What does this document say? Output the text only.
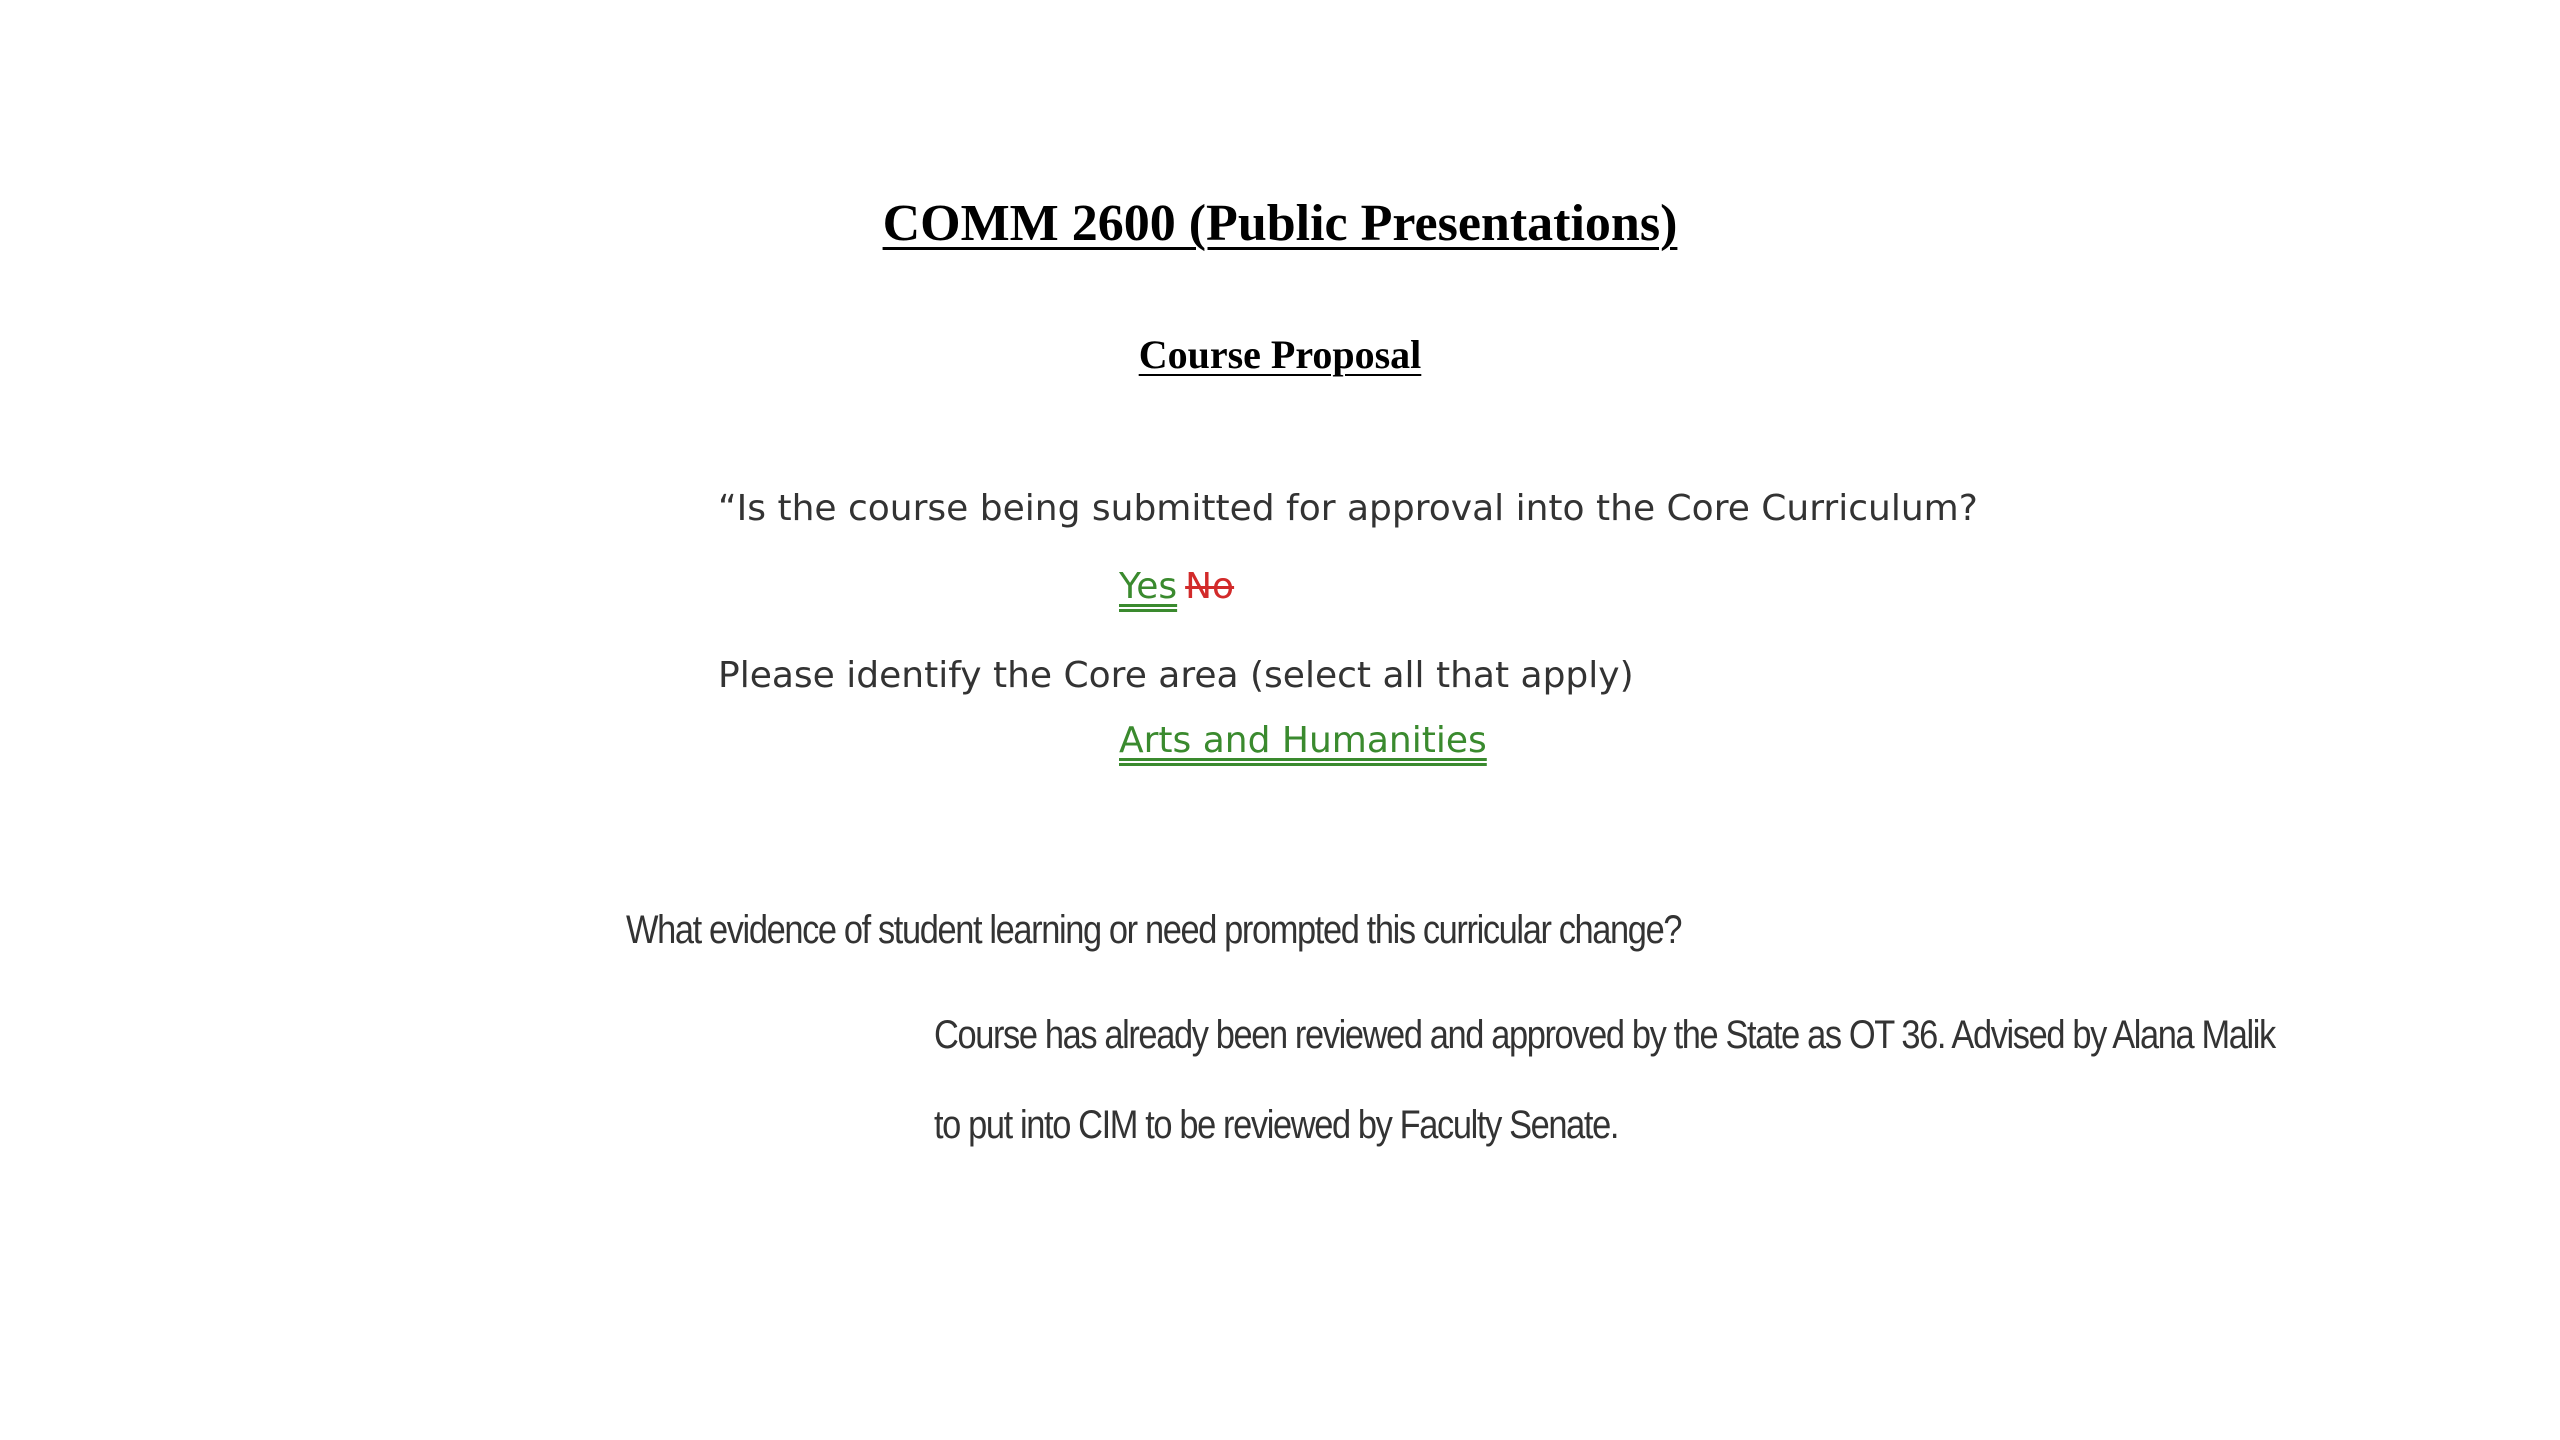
COMM 2600 (Public Presentations)
Course Proposal
“Is the course being submitted for approval into the Core Curriculum?
Yes No
Please identify the Core area (select all that apply)
Arts and Humanities
What evidence of student learning or need prompted this curricular change?
Course has already been reviewed and approved by the State as OT 36. Advised by Alana Malik
to put into CIM to be reviewed by Faculty Senate.
